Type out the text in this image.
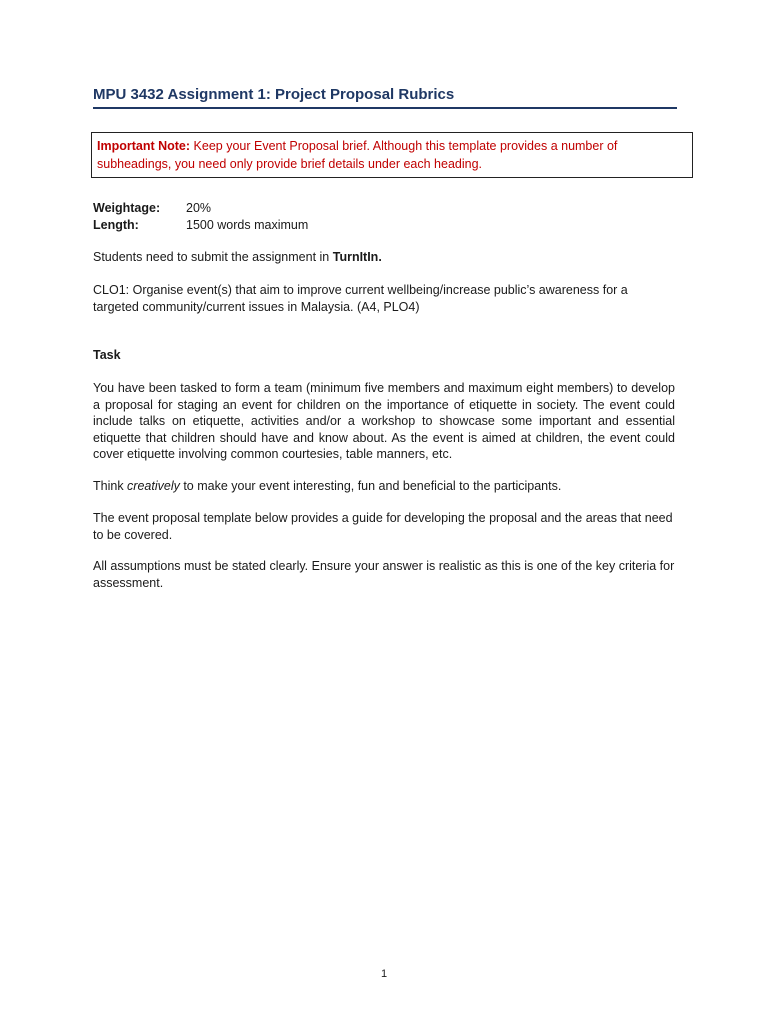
MPU 3432 Assignment 1: Project Proposal Rubrics
Important Note: Keep your Event Proposal brief. Although this template provides a number of subheadings, you need only provide brief details under each heading.
Weightage: 20%
Length:	1500 words maximum
Students need to submit the assignment in TurnItIn.
CLO1: Organise event(s) that aim to improve current wellbeing/increase public’s awareness for a targeted community/current issues in Malaysia. (A4, PLO4)
Task
You have been tasked to form a team (minimum five members and maximum eight members) to develop a proposal for staging an event for children on the importance of etiquette in society. The event could include talks on etiquette, activities and/or a workshop to showcase some important and essential etiquette that children should have and know about. As the event is aimed at children, the event could cover etiquette involving common courtesies, table manners, etc.
Think creatively to make your event interesting, fun and beneficial to the participants.
The event proposal template below provides a guide for developing the proposal and the areas that need to be covered.
All assumptions must be stated clearly. Ensure your answer is realistic as this is one of the key criteria for assessment.
1
